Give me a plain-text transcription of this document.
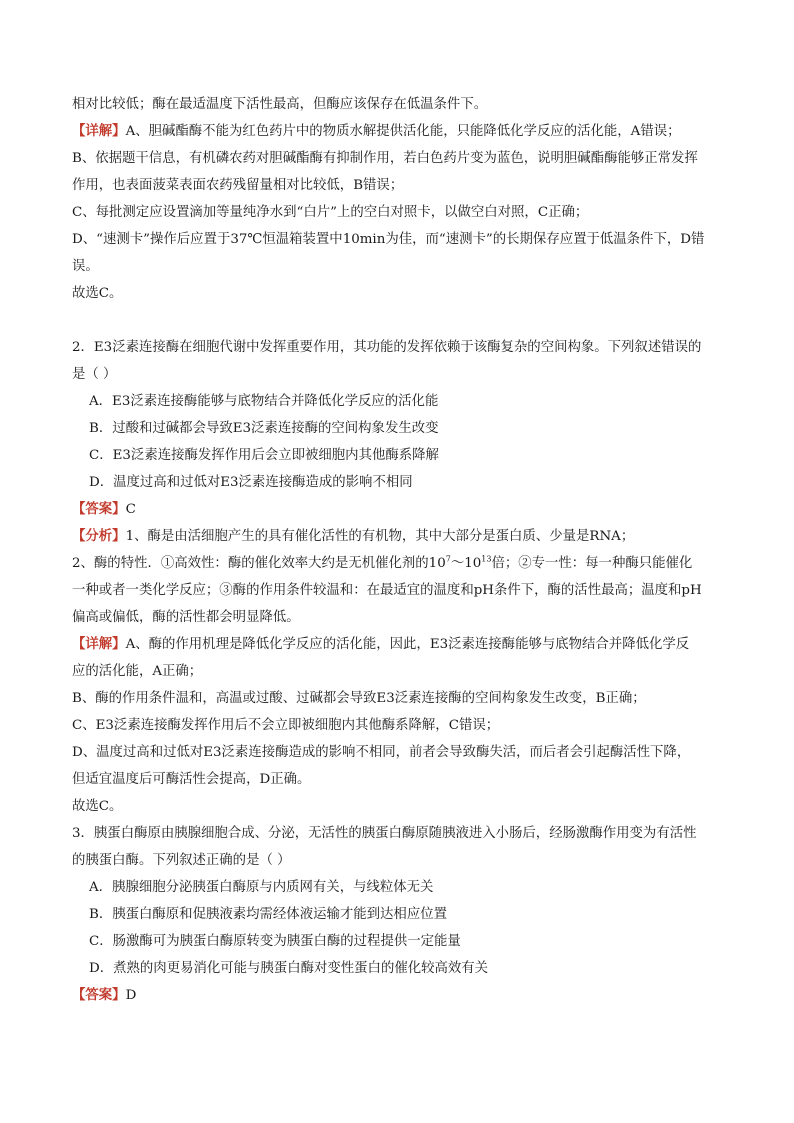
相对比较低；酶在最适温度下活性最高，但酶应该保存在低温条件下。
【详解】A、胆碱酯酶不能为红色药片中的物质水解提供活化能，只能降低化学反应的活化能，A错误；
B、依据题干信息，有机磷农药对胆碱酯酶有抑制作用，若白色药片变为蓝色，说明胆碱酯酶能够正常发挥
作用，也表面菠菜表面农药残留量相对比较低，B错误；
C、每批测定应设置滴加等量纯净水到“白片”上的空白对照卡，以做空白对照，C正确；
D、“速测卡”操作后应置于37℃恒温箱装置中10min为佳，而“速测卡”的长期保存应置于低温条件下，D错
误。
故选C。
2．E3泛素连接酶在细胞代谢中发挥重要作用，其功能的发挥依赖于该酶复杂的空间构象。下列叙述错误的
是（ ）
A．E3泛素连接酶能够与底物结合并降低化学反应的活化能
B．过酸和过碱都会导致E3泛素连接酶的空间构象发生改变
C．E3泛素连接酶发挥作用后会立即被细胞内其他酶系降解
D．温度过高和过低对E3泛素连接酶造成的影响不相同
【答案】C
【分析】1、酶是由活细胞产生的具有催化活性的有机物，其中大部分是蛋白质、少量是RNA；
2、酶的特性．①高效性：酶的催化效率大约是无机催化剂的$10^7\sim 10^{13}$倍；②专一性：每一种酶只能催化
一种或者一类化学反应；③酶的作用条件较温和：在最适宜的温度和pH条件下，酶的活性最高；温度和pH
偏高或偏低，酶的活性都会明显降低。
【详解】A、酶的作用机理是降低化学反应的活化能，因此，E3泛素连接酶能够与底物结合并降低化学反
应的活化能，A正确；
B、酶的作用条件温和，高温或过酸、过碱都会导致E3泛素连接酶的空间构象发生改变，B正确；
C、E3泛素连接酶发挥作用后不会立即被细胞内其他酶系降解，C错误；
D、温度过高和过低对E3泛素连接酶造成的影响不相同，前者会导致酶失活，而后者会引起酶活性下降，
但适宜温度后可酶活性会提高，D正确。
故选C。
3．胰蛋白酶原由胰腺细胞合成、分泌，无活性的胰蛋白酶原随胰液进入小肠后，经肠激酶作用变为有活性
的胰蛋白酶。下列叙述正确的是（ ）
A．胰腺细胞分泌胰蛋白酶原与内质网有关，与线粒体无关
B．胰蛋白酶原和促胰液素均需经体液运输才能到达相应位置
C．肠激酶可为胰蛋白酶原转变为胰蛋白酶的过程提供一定能量
D．煮熟的肉更易消化可能与胰蛋白酶对变性蛋白的催化较高效有关
【答案】D
